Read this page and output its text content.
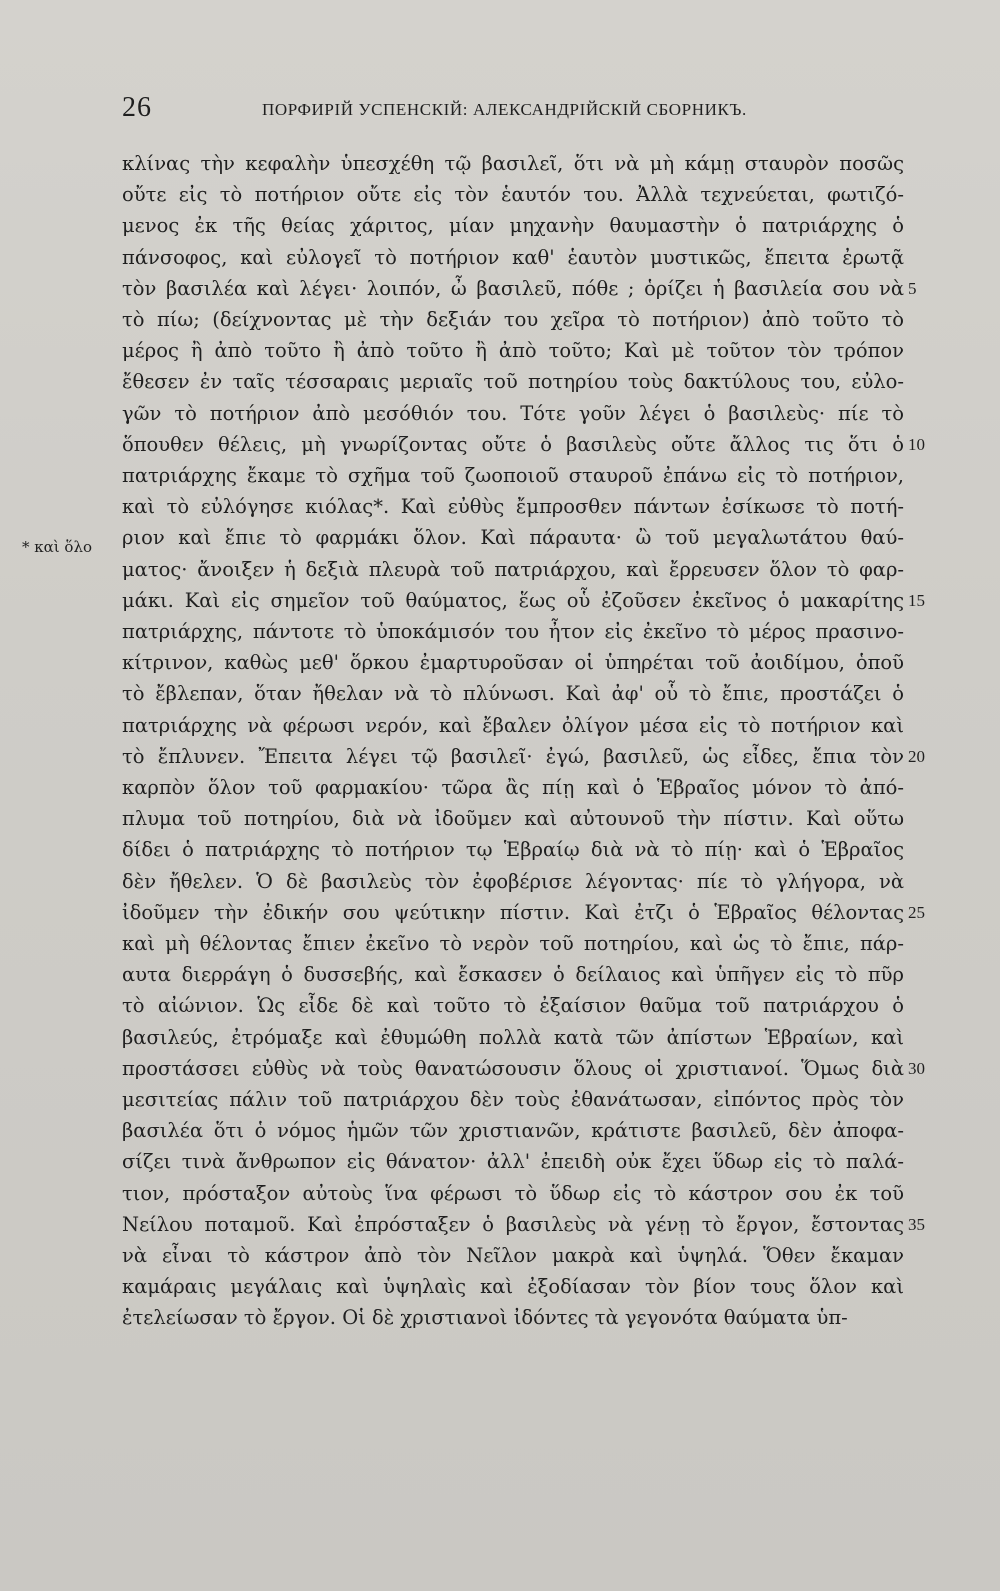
26	ПОРФИРІЙ УСПЕНСКІЙ: АЛЕКСАНДРІЙСКІЙ СБОРНИКЪ.
* καὶ ὅλο
κλίνας τὴν κεφαλὴν ὑπεσχέθη τῷ βασιλεῖ, ὅτι νὰ μὴ κάμῃ σταυρὸν ποσῶς
οὔτε εἰς τὸ ποτήριον οὔτε εἰς τὸν ἑαυτόν του. Ἀλλὰ τεχνεύεται, φωτιζό-
μενος ἐκ τῆς θείας χάριτος, μίαν μηχανὴν θαυμαστὴν ὁ πατριάρχης ὁ
πάνσοφος, καὶ εὐλογεῖ τὸ ποτήριον καθ' ἑαυτὸν μυστικῶς, ἔπειτα ἐρωτᾷ
τὸν βασιλέα καὶ λέγει· λοιπόν, ὦ βασιλεῦ, πόθε ; ὁρίζει ἡ βασιλεία σου νὰ
τὸ πίω; (δείχνοντας μὲ τὴν δεξιάν του χεῖρα τὸ ποτήριον) ἀπὸ τοῦτο τὸ
μέρος ἢ ἀπὸ τοῦτο ἢ ἀπὸ τοῦτο ἢ ἀπὸ τοῦτο; Καὶ μὲ τοῦτον τὸν τρόπον
ἔθεσεν ἐν ταῖς τέσσαραις μεριαῖς τοῦ ποτηρίου τοὺς δακτύλους του, εὐλο-
γῶν τὸ ποτήριον ἀπὸ μεσόθιόν του. Τότε γοῦν λέγει ὁ βασιλεὺς· πίε τὸ
ὅπουθεν θέλεις, μὴ γνωρίζοντας οὔτε ὁ βασιλεὺς οὔτε ἄλλος τις ὅτι ὁ
πατριάρχης ἔκαμε τὸ σχῆμα τοῦ ζωοποιοῦ σταυροῦ ἐπάνω εἰς τὸ ποτήριον,
καὶ τὸ εὐλόγησε κιόλας*. Καὶ εὐθὺς ἔμπροσθεν πάντων ἐσίκωσε τὸ ποτή-
ριον καὶ ἔπιε τὸ φαρμάκι ὅλον. Καὶ πάραυτα· ὢ τοῦ μεγαλωτάτου θαύ-
ματος· ἄνοιξεν ἡ δεξιὰ πλευρὰ τοῦ πατριάρχου, καὶ ἔρρευσεν ὅλον τὸ φαρ-
μάκι. Καὶ εἰς σημεῖον τοῦ θαύματος, ἕως οὗ ἐζοῦσεν ἐκεῖνος ὁ μακαρίτης
πατριάρχης, πάντοτε τὸ ὑποκάμισόν του ἦτον εἰς ἐκεῖνο τὸ μέρος πρασινο-
κίτρινον, καθὼς μεθ' ὅρκου ἐμαρτυροῦσαν οἱ ὑπηρέται τοῦ ἀοιδίμου, ὁποῦ
τὸ ἔβλεπαν, ὅταν ἤθελαν νὰ τὸ πλύνωσι. Καὶ ἀφ' οὗ τὸ ἔπιε, προστάζει ὁ
πατριάρχης νὰ φέρωσι νερόν, καὶ ἔβαλεν ὀλίγον μέσα εἰς τὸ ποτήριον καὶ
τὸ ἔπλυνεν. Ἔπειτα λέγει τῷ βασιλεῖ· ἐγώ, βασιλεῦ, ὡς εἶδες, ἔπια τὸν
καρπὸν ὅλον τοῦ φαρμακίου· τῶρα ἂς πίῃ καὶ ὁ Ἑβραῖος μόνον τὸ ἀπό-
πλυμα τοῦ ποτηρίου, διὰ νὰ ἰδοῦμεν καὶ αὐτουνοῦ τὴν πίστιν. Καὶ οὕτω
δίδει ὁ πατριάρχης τὸ ποτήριον τῳ Ἑβραίῳ διὰ νὰ τὸ πίῃ· καὶ ὁ Ἑβραῖος
δὲν ἤθελεν. Ὁ δὲ βασιλεὺς τὸν ἐφοβέρισε λέγοντας· πίε τὸ γλήγορα, νὰ
ἰδοῦμεν τὴν ἐδικήν σου ψεύτικην πίστιν. Καὶ ἐτζι ὁ Ἑβραῖος θέλοντας
καὶ μὴ θέλοντας ἔπιεν ἐκεῖνο τὸ νερὸν τοῦ ποτηρίου, καὶ ὡς τὸ ἔπιε, πάρ-
αυτα διερράγη ὁ δυσσεβής, καὶ ἔσκασεν ὁ δείλαιος καὶ ὑπῆγεν εἰς τὸ πῦρ
τὸ αἰώνιον. Ὡς εἶδε δὲ καὶ τοῦτο τὸ ἐξαίσιον θαῦμα τοῦ πατριάρχου ὁ
βασιλεύς, ἐτρόμαξε καὶ ἐθυμώθη πολλὰ κατὰ τῶν ἀπίστων Ἑβραίων, καὶ
προστάσσει εὐθὺς νὰ τοὺς θανατώσουσιν ὅλους οἱ χριστιανοί. Ὅμως διὰ
μεσιτείας πάλιν τοῦ πατριάρχου δὲν τοὺς ἐθανάτωσαν, εἰπόντος πρὸς τὸν
βασιλέα ὅτι ὁ νόμος ἡμῶν τῶν χριστιανῶν, κράτιστε βασιλεῦ, δὲν ἀποφα-
σίζει τινὰ ἄνθρωπον εἰς θάνατον· ἀλλ' ἐπειδὴ οὐκ ἔχει ὕδωρ εἰς τὸ παλά-
τιον, πρόσταξον αὐτοὺς ἵνα φέρωσι τὸ ὕδωρ εἰς τὸ κάστρον σου ἐκ τοῦ
Νείλου ποταμοῦ. Καὶ ἐπρόσταξεν ὁ βασιλεὺς νὰ γένῃ τὸ ἔργον, ἔστοντας
νὰ εἶναι τὸ κάστρον ἀπὸ τὸν Νεῖλον μακρὰ καὶ ὑψηλά. Ὅθεν ἔκαμαν
καμάραις μεγάλαις καὶ ὑψηλαὶς καὶ ἐξοδίασαν τὸν βίον τους ὅλον καὶ
ἐτελείωσαν τὸ ἔργον. Οἱ δὲ χριστιανοὶ ἰδόντες τὰ γεγονότα θαύματα ὑπ-
5
10
15
20
25
30
35
